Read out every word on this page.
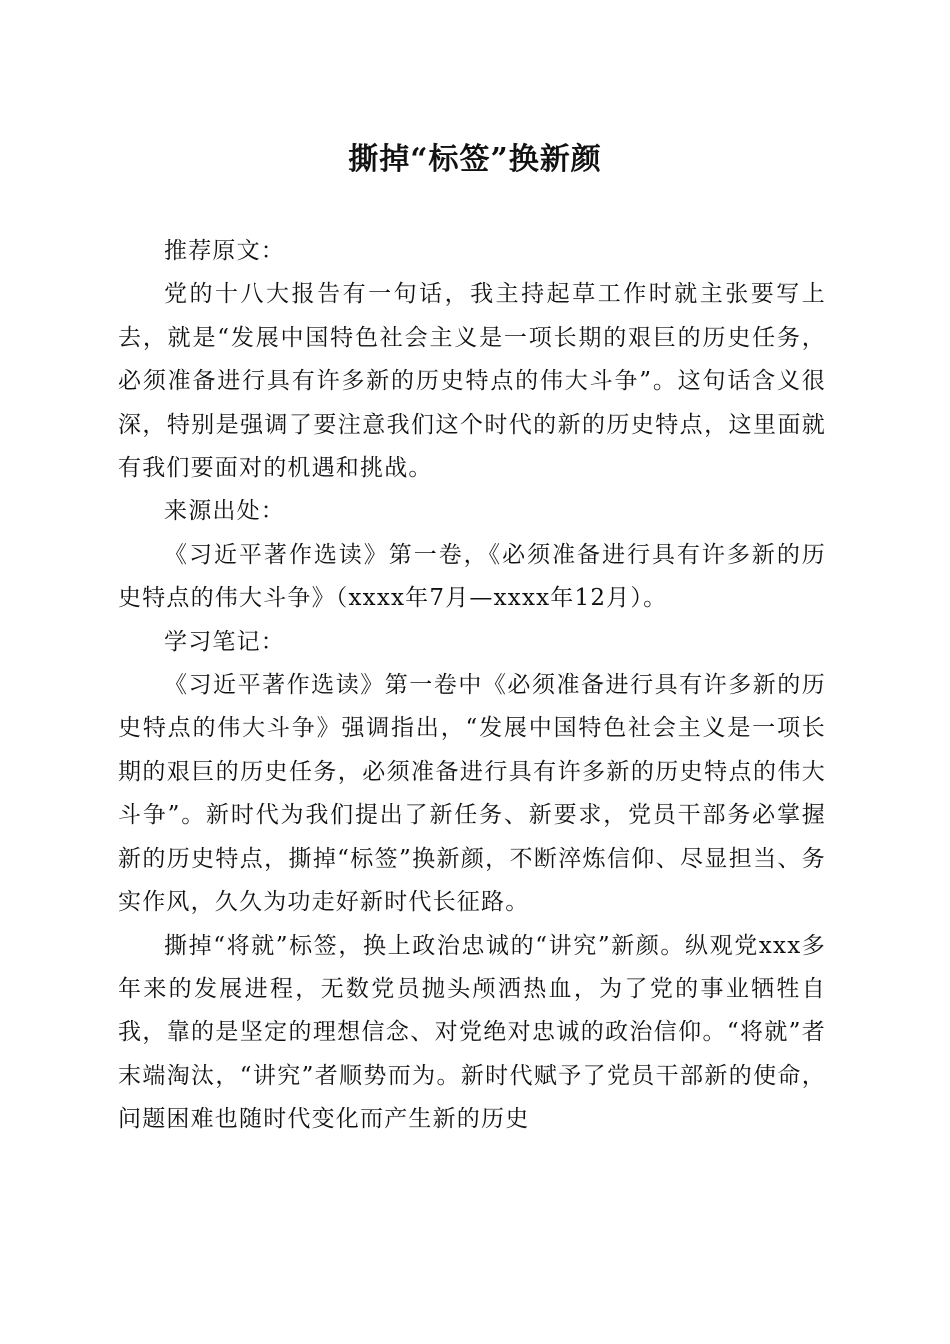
撕掉“标签”换新颜

推荐原文：

党的十八大报告有一句话，我主持起草工作时就主张要写上去，就是“发展中国特色社会主义是一项长期的艰巨的历史任务，必须准备进行具有许多新的历史特点的伟大斗争”。这句话含义很深，特别是强调了要注意我们这个时代的新的历史特点，这里面就有我们要面对的机遇和挑战。

来源出处：

《习近平著作选读》第一卷，《必须准备进行具有许多新的历史特点的伟大斗争》（xxxx年7月—xxxx年12月）。

学习笔记：

《习近平著作选读》第一卷中《必须准备进行具有许多新的历史特点的伟大斗争》强调指出，“发展中国特色社会主义是一项长期的艰巨的历史任务，必须准备进行具有许多新的历史特点的伟大斗争”。新时代为我们提出了新任务、新要求，党员干部务必掌握新的历史特点，撕掉“标签”换新颜，不断淬炼信仰、尽显担当、务实作风，久久为功走好新时代长征路。

撕掉“将就”标签，换上政治忠诚的“讲究”新颜。纵观党xxx多年来的发展进程，无数党员抛头颅洒热血，为了党的事业牺牲自我，靠的是坚定的理想信念、对党绝对忠诚的政治信仰。“将就”者末端淘汰，“讲究”者顺势而为。新时代赋予了党员干部新的使命，问题困难也随时代变化而产生新的历史
